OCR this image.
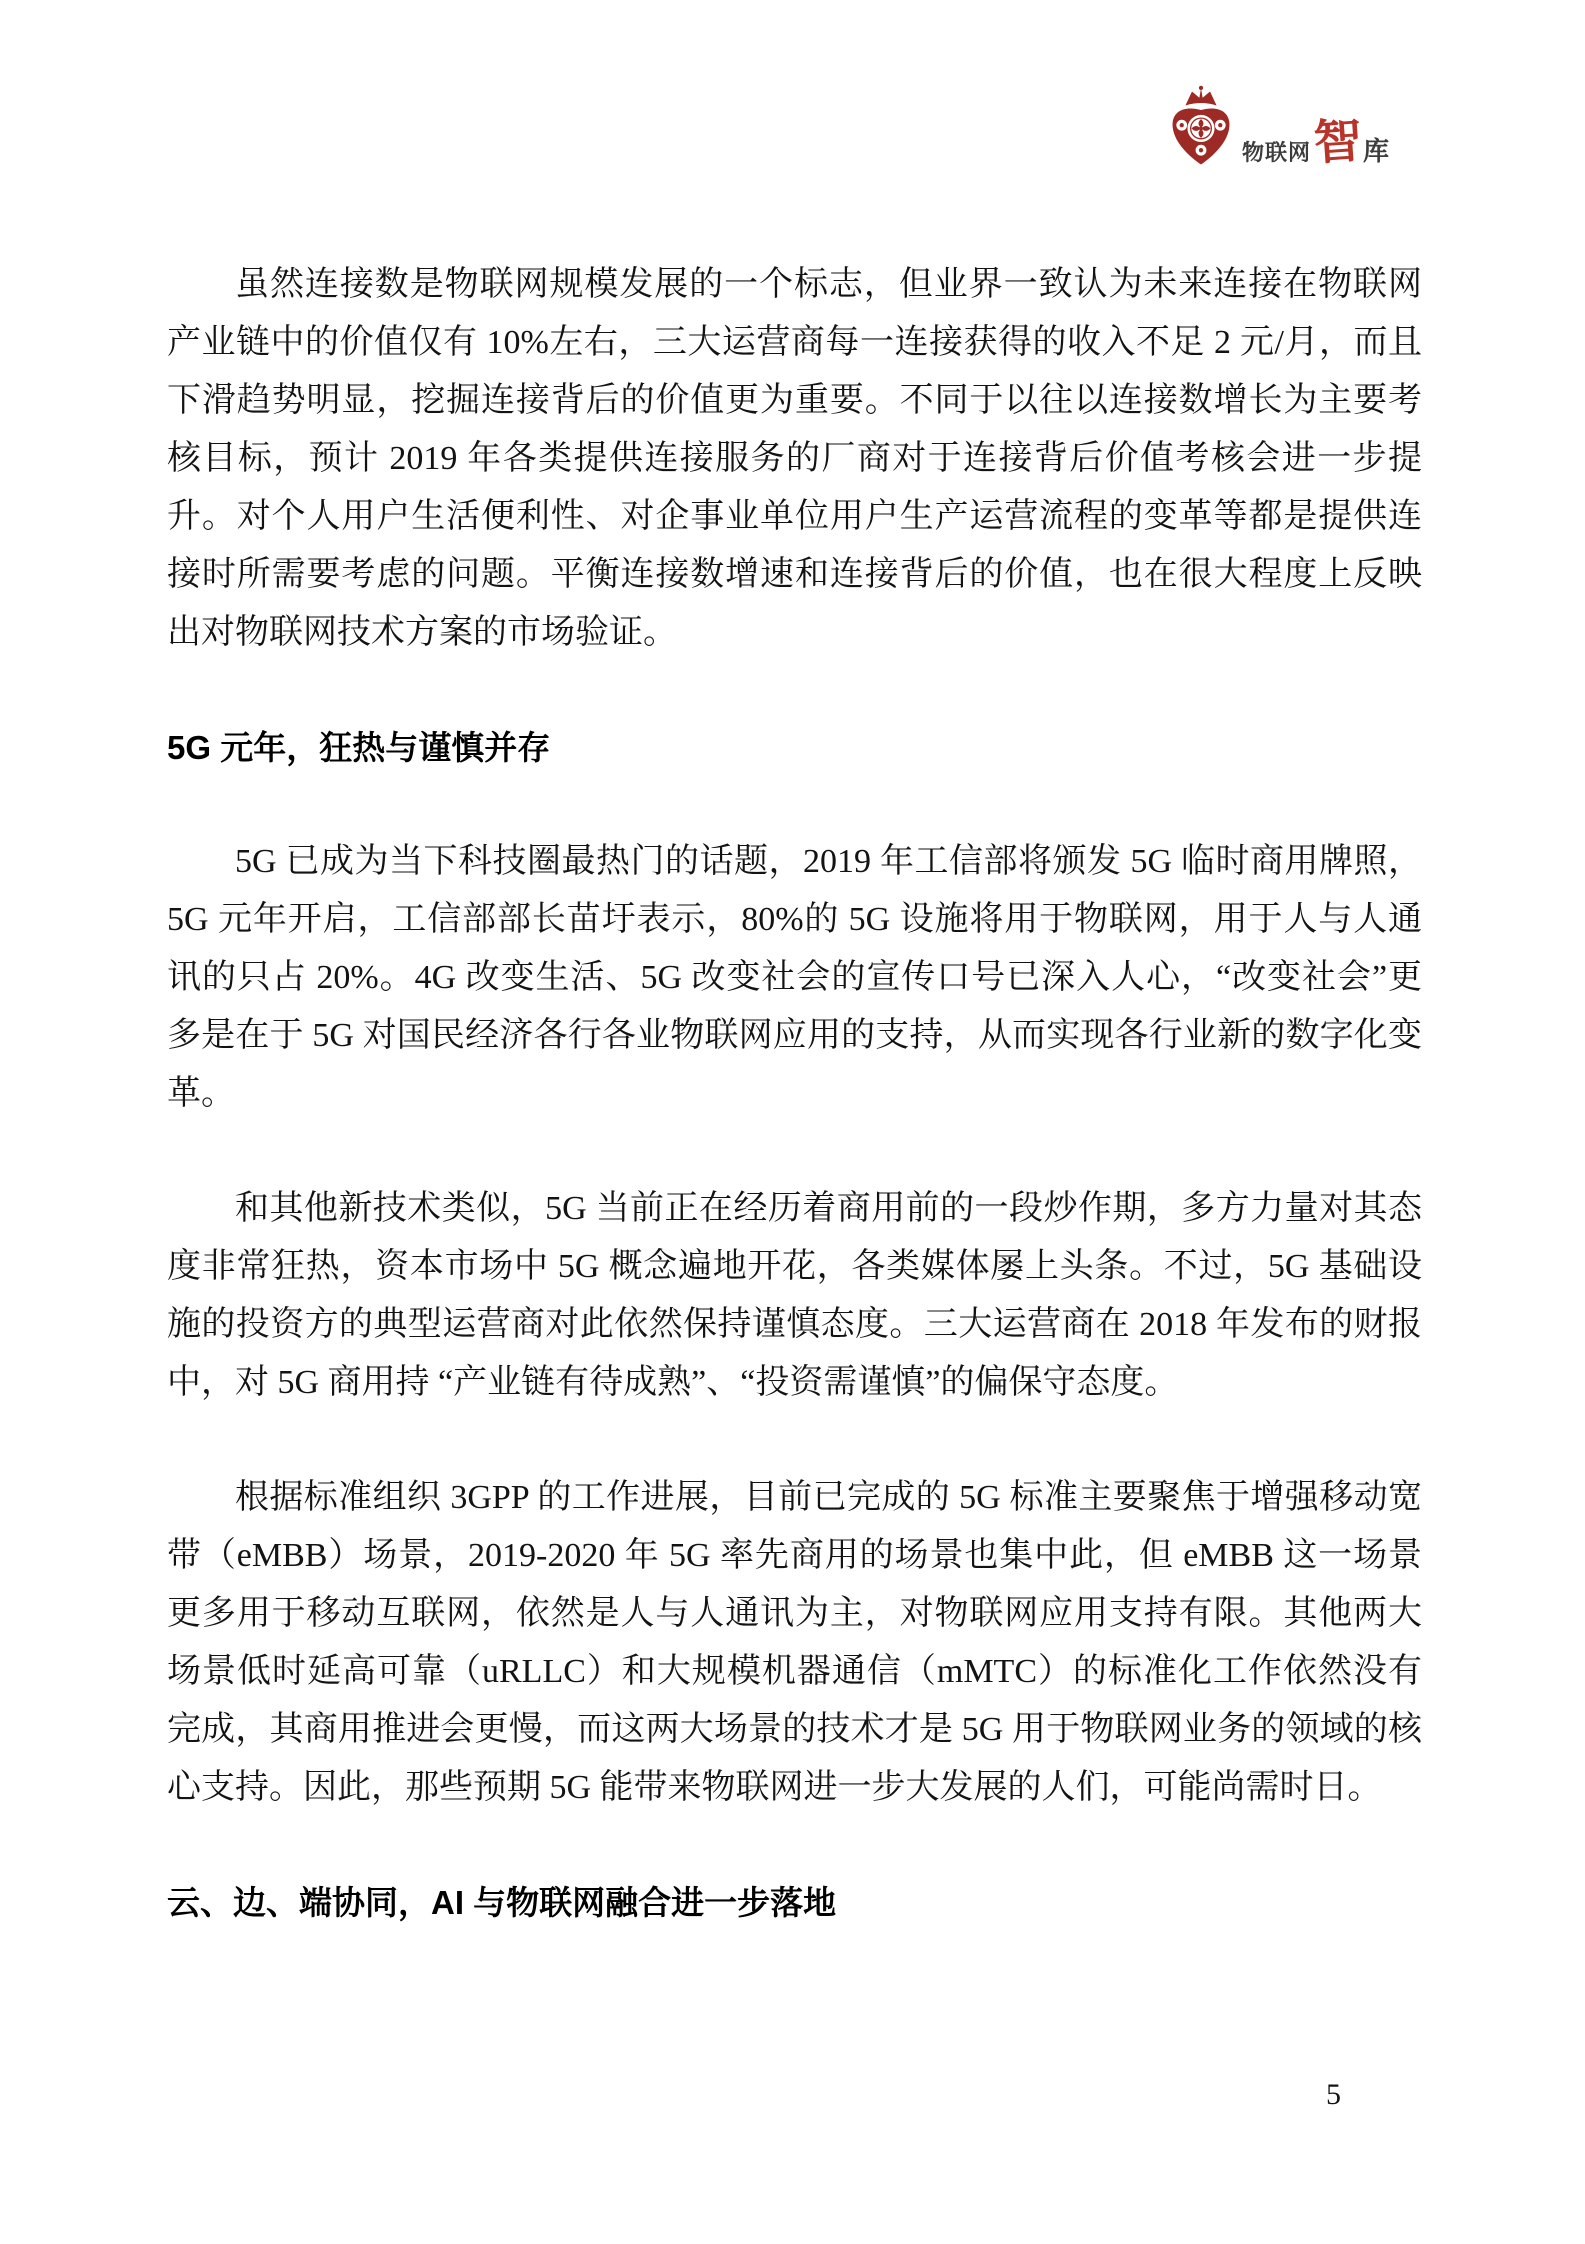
物联网 智 库

虽然连接数是物联网规模发展的一个标志，但业界一致认为未来连接在物联网产业链中的价值仅有 10%左右，三大运营商每一连接获得的收入不足 2 元/月，而且下滑趋势明显，挖掘连接背后的价值更为重要。不同于以往以连接数增长为主要考核目标，预计 2019 年各类提供连接服务的厂商对于连接背后价值考核会进一步提升。对个人用户生活便利性、对企事业单位用户生产运营流程的变革等都是提供连接时所需要考虑的问题。平衡连接数增速和连接背后的价值，也在很大程度上反映出对物联网技术方案的市场验证。

5G 元年，狂热与谨慎并存

5G 已成为当下科技圈最热门的话题，2019 年工信部将颁发 5G 临时商用牌照，5G 元年开启，工信部部长苗圩表示，80%的 5G 设施将用于物联网，用于人与人通讯的只占 20%。4G 改变生活、5G 改变社会的宣传口号已深入人心，“改变社会”更多是在于 5G 对国民经济各行各业物联网应用的支持，从而实现各行业新的数字化变革。

和其他新技术类似，5G 当前正在经历着商用前的一段炒作期，多方力量对其态度非常狂热，资本市场中 5G 概念遍地开花，各类媒体屡上头条。不过，5G 基础设施的投资方的典型运营商对此依然保持谨慎态度。三大运营商在 2018 年发布的财报中，对 5G 商用持 “产业链有待成熟”、“投资需谨慎”的偏保守态度。

根据标准组织 3GPP 的工作进展，目前已完成的 5G 标准主要聚焦于增强移动宽带（eMBB）场景，2019-2020 年 5G 率先商用的场景也集中此，但 eMBB 这一场景更多用于移动互联网，依然是人与人通讯为主，对物联网应用支持有限。其他两大场景低时延高可靠（uRLLC）和大规模机器通信（mMTC）的标准化工作依然没有完成，其商用推进会更慢，而这两大场景的技术才是 5G 用于物联网业务的领域的核心支持。因此，那些预期 5G 能带来物联网进一步大发展的人们，可能尚需时日。

云、边、端协同，AI 与物联网融合进一步落地
5
